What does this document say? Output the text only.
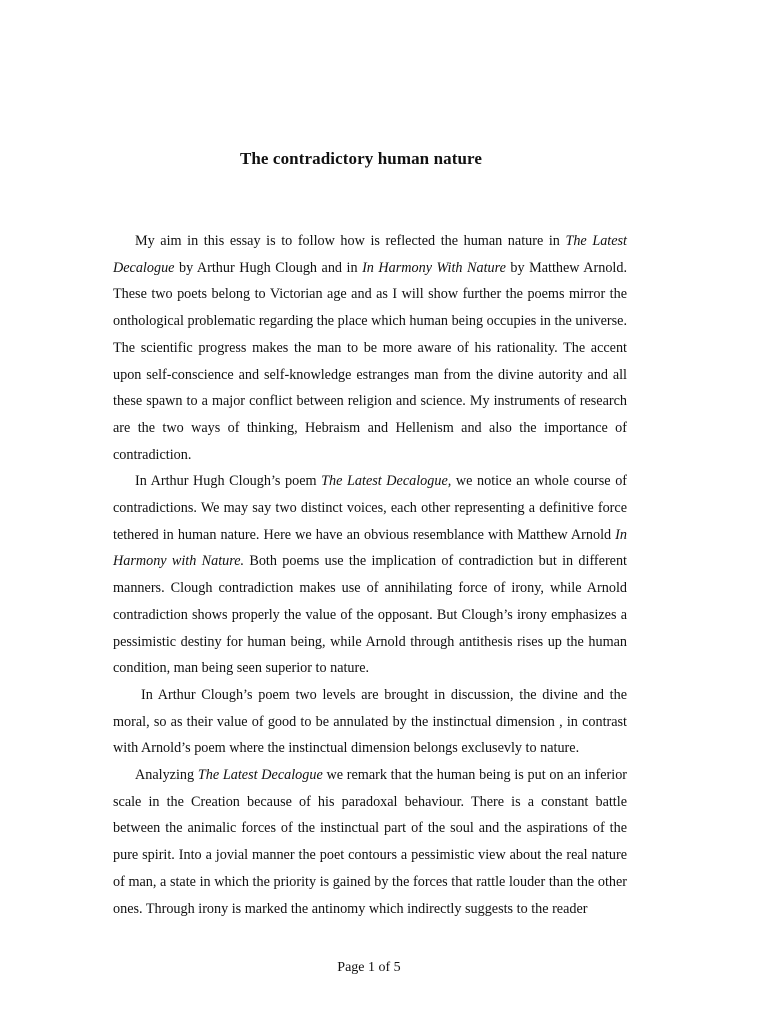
The contradictory human nature

My aim in this essay is to follow how is reflected the human nature in The Latest Decalogue by Arthur Hugh Clough and in In Harmony With Nature by Matthew Arnold. These two poets belong to Victorian age and as I will show further the poems mirror the onthological problematic regarding the place which human being occupies in the universe. The scientific progress makes the man to be more aware of his rationality. The accent upon self-conscience and self-knowledge estranges man from the divine autority and all these spawn to a major conflict between religion and science. My instruments of research are the two ways of thinking, Hebraism and Hellenism and also the importance of contradiction.

In Arthur Hugh Clough’s poem The Latest Decalogue, we notice an whole course of contradictions. We may say two distinct voices, each other representing a definitive force tethered in human nature. Here we have an obvious resemblance with Matthew Arnold In Harmony with Nature. Both poems use the implication of contradiction but in different manners. Clough contradiction makes use of annihilating force of irony, while Arnold contradiction shows properly the value of the opposant. But Clough’s irony emphasizes a pessimistic destiny for human being, while Arnold through antithesis rises up the human condition, man being seen superior to nature.

In Arthur Clough’s poem two levels are brought in discussion, the divine and the moral, so as their value of good to be annulated by the instinctual dimension , in contrast with Arnold’s poem where the instinctual dimension belongs exclusevly to nature.

Analyzing The Latest Decalogue we remark that the human being is put on an inferior scale in the Creation because of his paradoxal behaviour. There is a constant battle between the animalic forces of the instinctual part of the soul and the aspirations of the pure spirit. Into a jovial manner the poet contours a pessimistic view about the real nature of man, a state in which the priority is gained by the forces that rattle louder than the other ones. Through irony is marked the antinomy which indirectly suggests to the reader

Page 1 of 5
